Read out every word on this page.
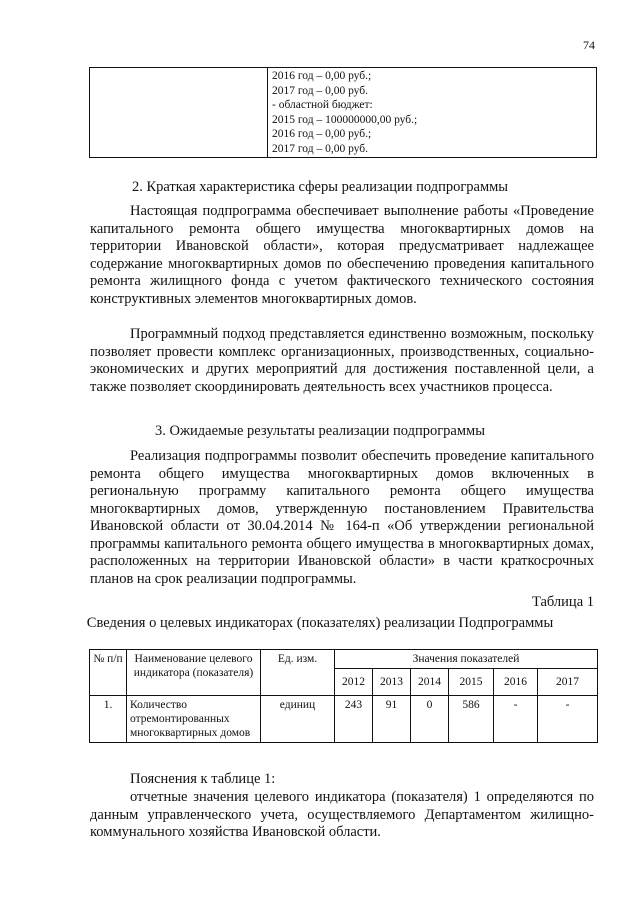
74

2016 год – 0,00 руб.;
2017 год – 0,00 руб.
- областной бюджет:
2015 год – 100000000,00 руб.;
2016 год – 0,00 руб.;
2017 год – 0,00 руб.
2. Краткая характеристика сферы реализации подпрограммы

Настоящая подпрограмма обеспечивает выполнение работы «Проведение капитального ремонта общего имущества многоквартирных домов на территории Ивановской области», которая предусматривает надлежащее содержание многоквартирных домов по обеспечению проведения капитального ремонта жилищного фонда с учетом фактического технического состояния конструктивных элементов многоквартирных домов.

Программный подход представляется единственно возможным, поскольку позволяет провести комплекс организационных, производственных, социально-экономических и других мероприятий для достижения поставленной цели, а также позволяет скоординировать деятельность всех участников процесса.

3. Ожидаемые результаты реализации подпрограммы

Реализация подпрограммы позволит обеспечить проведение капитального ремонта общего имущества многоквартирных домов включенных в региональную программу капитального ремонта общего имущества многоквартирных домов, утвержденную постановлением Правительства Ивановской области от 30.04.2014 № 164-п «Об утверждении региональной программы капитального ремонта общего имущества в многоквартирных домах, расположенных на территории Ивановской области» в части краткосрочных планов на срок реализации подпрограммы.

Таблица 1
Сведения о целевых индикаторах (показателях) реализации Подпрограммы
№ п/п	Наименование целевого индикатора (показателя)	Ед. изм.	Значения показателей					
			2012	2013	2014	2015	2016	2017
1.	Количество отремонтированных многоквартирных домов	единиц	243	91	0	586	-	-
Пояснения к таблице 1:

отчетные значения целевого индикатора (показателя) 1 определяются по данным управленческого учета, осуществляемого Департаментом жилищно-коммунального хозяйства Ивановской области.
